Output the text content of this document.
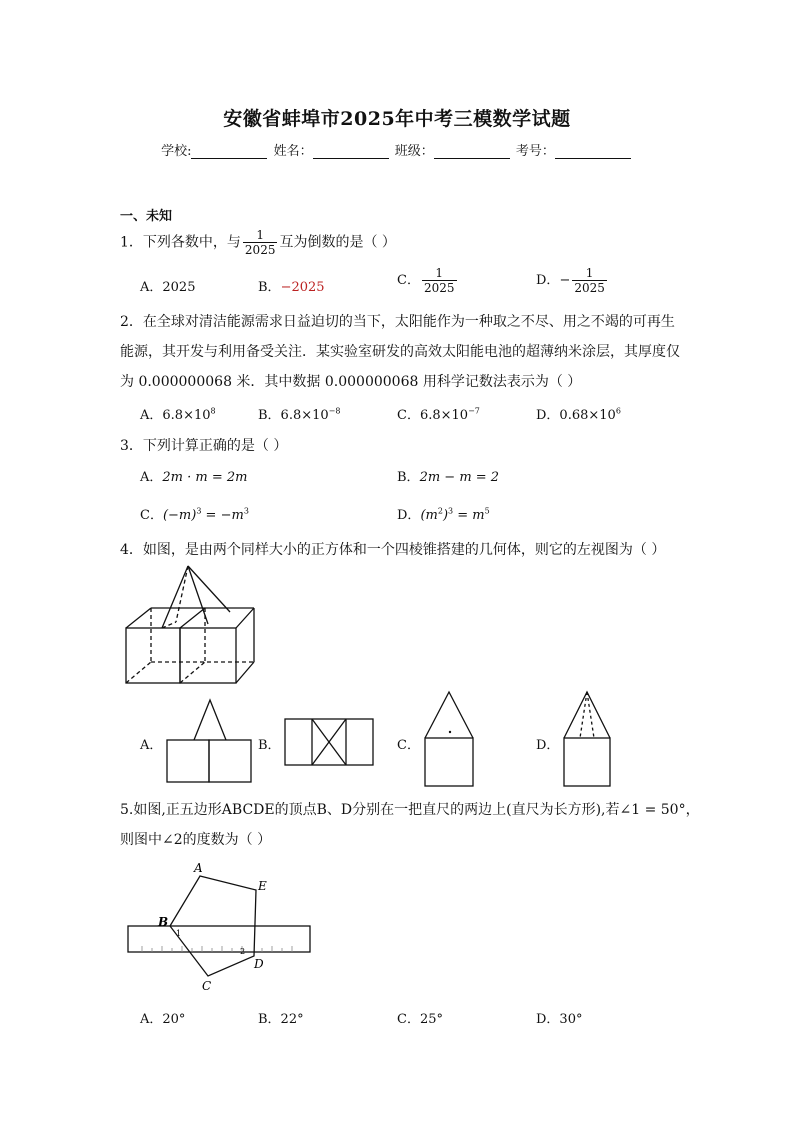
安徽省蚌埠市2025年中考三模数学试题
学校:	姓名：	班级：	考号：
一、未知
1．下列各数中，与 $\frac{1}{2025}$ 互为倒数的是（ ）
A．2025	B．−2025	C． $\frac{1}{2025}$	D．− $\frac{1}{2025}$
2．在全球对清洁能源需求日益迫切的当下，太阳能作为一种取之不尽、用之不竭的可再生
能源，其开发与利用备受关注．某实验室研发的高效太阳能电池的超薄纳米涂层，其厚度仅
为 0.000000068 米．其中数据 0.000000068 用科学记数法表示为（ ）
A．$6.8\times 10^8$	B．$6.8\times 10^{-8}$	C．$6.8\times 10^{-7}$	D．$0.68\times 10^6$
3．下列计算正确的是（ ）
A．2m · m = 2m	B．2m − m = 2
C．$(-m)^3 = -m^3$	D．$(m^2)^3 = m^5$
4．如图，是由两个同样大小的正方体和一个四棱锥搭建的几何体，则它的左视图为（ ）
A．	B．	C．	D．
5.如图,正五边形ABCDE的顶点B、D分别在一把直尺的两边上(直尺为长方形),若∠1 = 50°，
则图中∠2的度数为（ ）
A
B
C
D
E
1
2
A．20°	B．22°	C．25°	D．30°
